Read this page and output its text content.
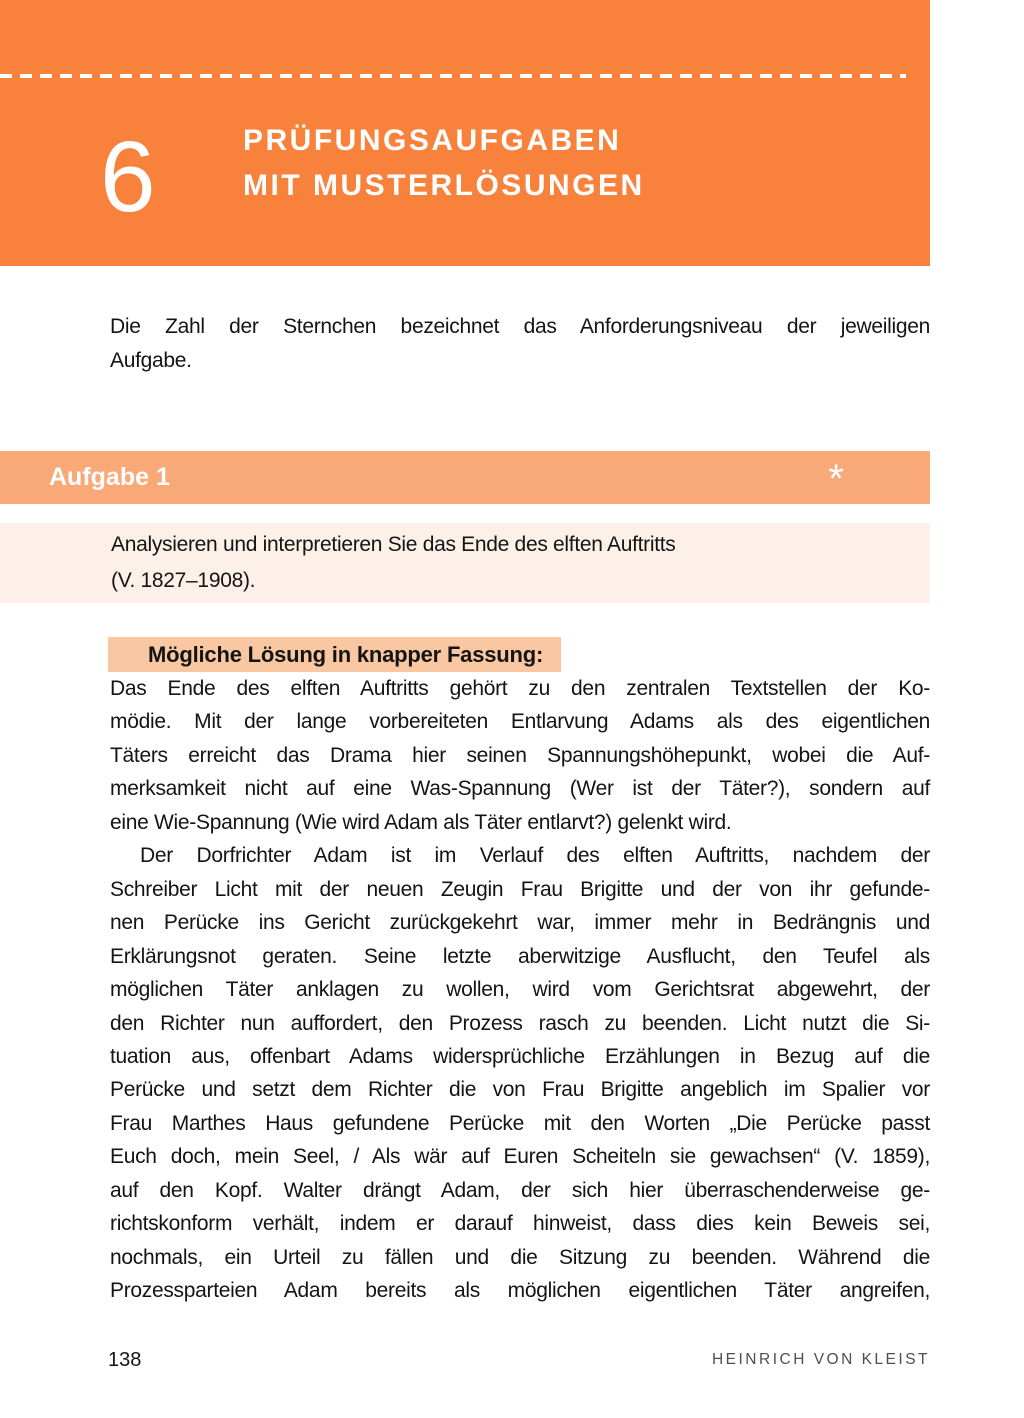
6	PRÜFUNGSAUFGABEN
MIT MUSTERLÖSUNGEN
Die Zahl der Sternchen bezeichnet das Anforderungsniveau der jeweiligen
Aufgabe.
Aufgabe 1	*
Analysieren und interpretieren Sie das Ende des elften Auftritts
(V. 1827–1908).
Mögliche Lösung in knapper Fassung:
Das Ende des elften Auftritts gehört zu den zentralen Textstellen der Ko-
mödie. Mit der lange vorbereiteten Entlarvung Adams als des eigentlichen
Täters erreicht das Drama hier seinen Spannungshöhepunkt, wobei die Auf-
merksamkeit nicht auf eine Was-Spannung (Wer ist der Täter?), sondern auf
eine Wie-Spannung (Wie wird Adam als Täter entlarvt?) gelenkt wird.
Der Dorfrichter Adam ist im Verlauf des elften Auftritts, nachdem der
Schreiber Licht mit der neuen Zeugin Frau Brigitte und der von ihr gefunde-
nen Perücke ins Gericht zurückgekehrt war, immer mehr in Bedrängnis und
Erklärungsnot geraten. Seine letzte aberwitzige Ausflucht, den Teufel als
möglichen Täter anklagen zu wollen, wird vom Gerichtsrat abgewehrt, der
den Richter nun auffordert, den Prozess rasch zu beenden. Licht nutzt die Si-
tuation aus, offenbart Adams widersprüchliche Erzählungen in Bezug auf die
Perücke und setzt dem Richter die von Frau Brigitte angeblich im Spalier vor
Frau Marthes Haus gefundene Perücke mit den Worten „Die Perücke passt
Euch doch, mein Seel, / Als wär auf Euren Scheiteln sie gewachsen“ (V. 1859),
auf den Kopf. Walter drängt Adam, der sich hier überraschenderweise ge-
richtskonform verhält, indem er darauf hinweist, dass dies kein Beweis sei,
nochmals, ein Urteil zu fällen und die Sitzung zu beenden. Während die
Prozessparteien Adam bereits als möglichen eigentlichen Täter angreifen,
138	HEINRICH VON KLEIST
